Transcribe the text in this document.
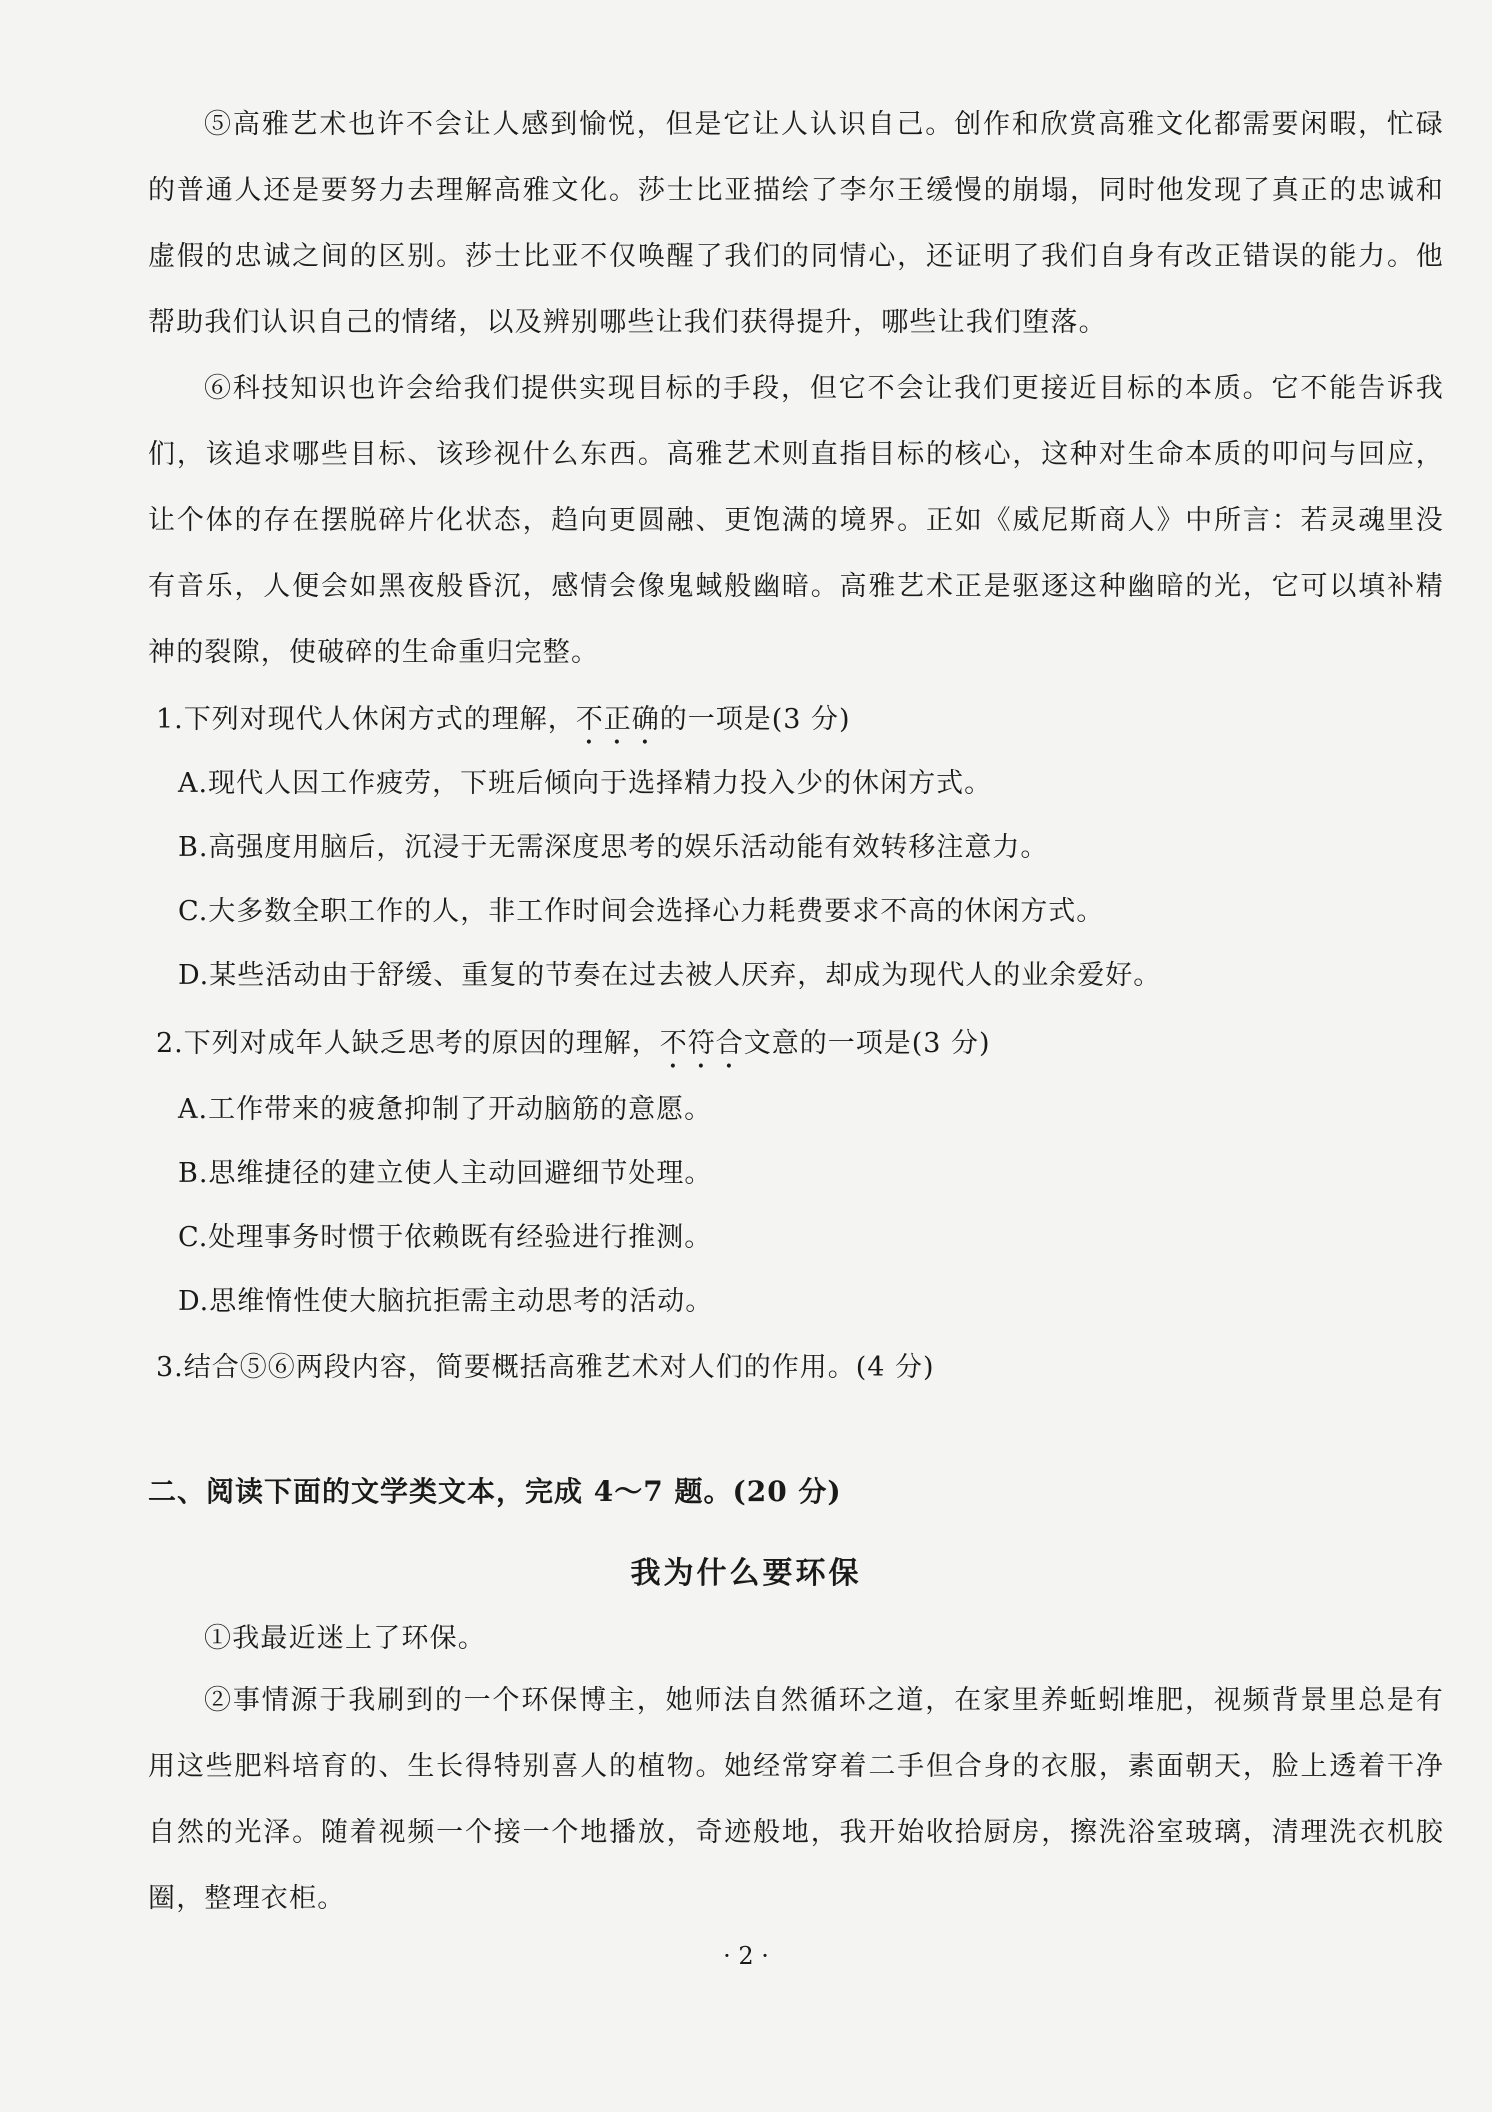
⑤高雅艺术也许不会让人感到愉悦，但是它让人认识自己。创作和欣赏高雅文化都需要闲暇，忙碌的普通人还是要努力去理解高雅文化。莎士比亚描绘了李尔王缓慢的崩塌，同时他发现了真正的忠诚和虚假的忠诚之间的区别。莎士比亚不仅唤醒了我们的同情心，还证明了我们自身有改正错误的能力。他帮助我们认识自己的情绪，以及辨别哪些让我们获得提升，哪些让我们堕落。

⑥科技知识也许会给我们提供实现目标的手段，但它不会让我们更接近目标的本质。它不能告诉我们，该追求哪些目标、该珍视什么东西。高雅艺术则直指目标的核心，这种对生命本质的叩问与回应，让个体的存在摆脱碎片化状态，趋向更圆融、更饱满的境界。正如《威尼斯商人》中所言：若灵魂里没有音乐，人便会如黑夜般昏沉，感情会像鬼蜮般幽暗。高雅艺术正是驱逐这种幽暗的光，它可以填补精神的裂隙，使破碎的生命重归完整。

1.下列对现代人休闲方式的理解，不正确的一项是(3 分)

A.现代人因工作疲劳，下班后倾向于选择精力投入少的休闲方式。

B.高强度用脑后，沉浸于无需深度思考的娱乐活动能有效转移注意力。

C.大多数全职工作的人，非工作时间会选择心力耗费要求不高的休闲方式。

D.某些活动由于舒缓、重复的节奏在过去被人厌弃，却成为现代人的业余爱好。

2.下列对成年人缺乏思考的原因的理解，不符合文意的一项是(3 分)

A.工作带来的疲惫抑制了开动脑筋的意愿。

B.思维捷径的建立使人主动回避细节处理。

C.处理事务时惯于依赖既有经验进行推测。

D.思维惰性使大脑抗拒需主动思考的活动。

3.结合⑤⑥两段内容，简要概括高雅艺术对人们的作用。(4 分)

二、阅读下面的文学类文本，完成 4～7 题。(20 分)

我为什么要环保

①我最近迷上了环保。

②事情源于我刷到的一个环保博主，她师法自然循环之道，在家里养蚯蚓堆肥，视频背景里总是有用这些肥料培育的、生长得特别喜人的植物。她经常穿着二手但合身的衣服，素面朝天，脸上透着干净自然的光泽。随着视频一个接一个地播放，奇迹般地，我开始收拾厨房，擦洗浴室玻璃，清理洗衣机胶圈，整理衣柜。

· 2 ·
